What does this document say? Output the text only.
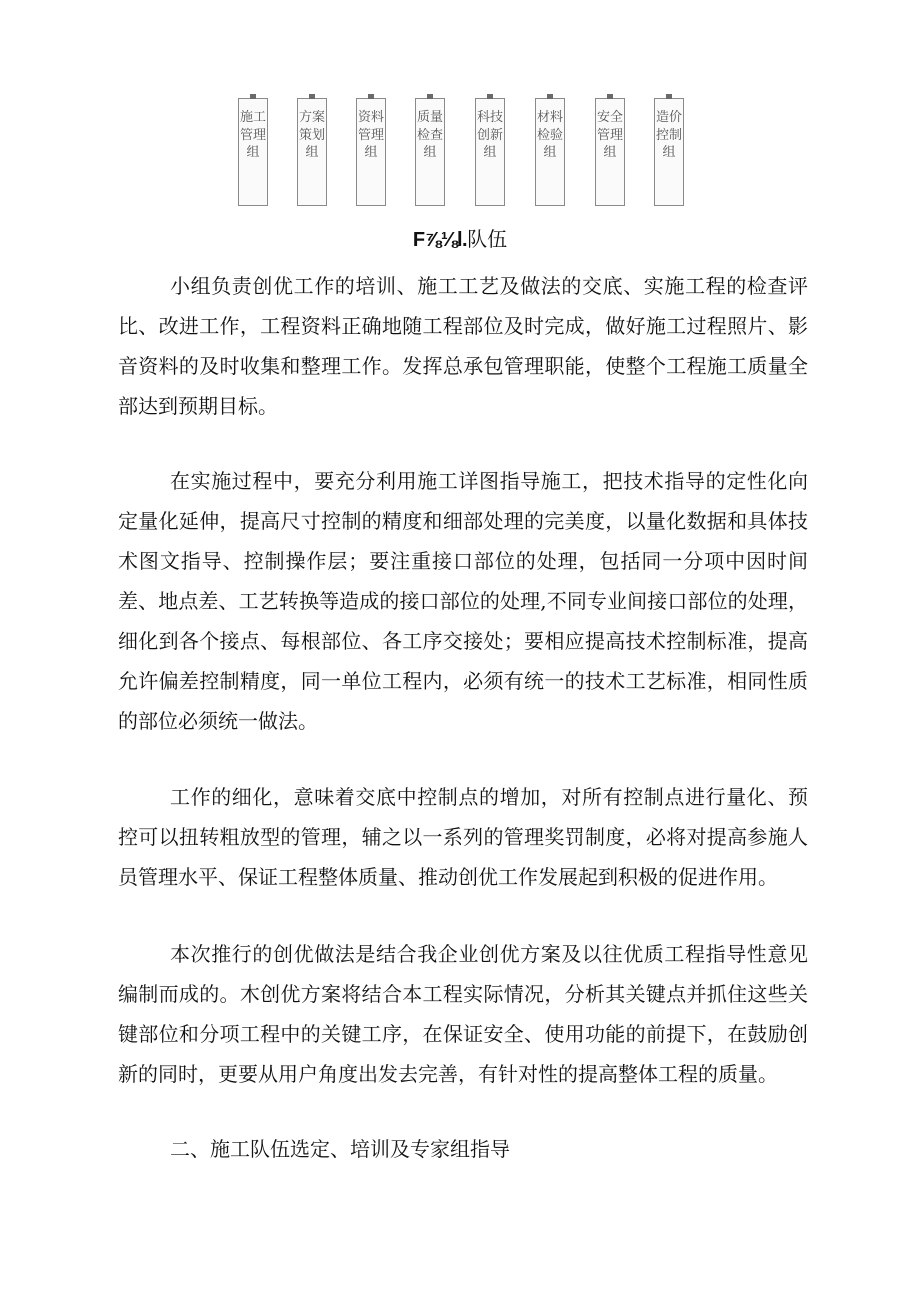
施工管理组
方案策划组
资料管理组
质量检查组
科技创新组
材料检验组
安全管理组
造价控制组
F⅞⅛l.队伍

小组负责创优工作的培训、施工工艺及做法的交底、实施工程的检查评比、改进工作，工程资料正确地随工程部位及时完成，做好施工过程照片、影音资料的及时收集和整理工作。发挥总承包管理职能，使整个工程施工质量全部达到预期目标。

在实施过程中，要充分利用施工详图指导施工，把技术指导的定性化向定量化延伸，提高尺寸控制的精度和细部处理的完美度，以量化数据和具体技术图文指导、控制操作层；要注重接口部位的处理，包括同一分项中因时间差、地点差、工艺转换等造成的接口部位的处理,不同专业间接口部位的处理，细化到各个接点、每根部位、各工序交接处；要相应提高技术控制标准，提高允许偏差控制精度，同一单位工程内，必须有统一的技术工艺标准，相同性质的部位必须统一做法。

工作的细化，意味着交底中控制点的增加，对所有控制点进行量化、预控可以扭转粗放型的管理，辅之以一系列的管理奖罚制度，必将对提高参施人员管理水平、保证工程整体质量、推动创优工作发展起到积极的促进作用。

本次推行的创优做法是结合我企业创优方案及以往优质工程指导性意见编制而成的。木创优方案将结合本工程实际情况，分析其关键点并抓住这些关键部位和分项工程中的关键工序，在保证安全、使用功能的前提下，在鼓励创新的同时，更要从用户角度出发去完善，有针对性的提高整体工程的质量。

二、施工队伍选定、培训及专家组指导
